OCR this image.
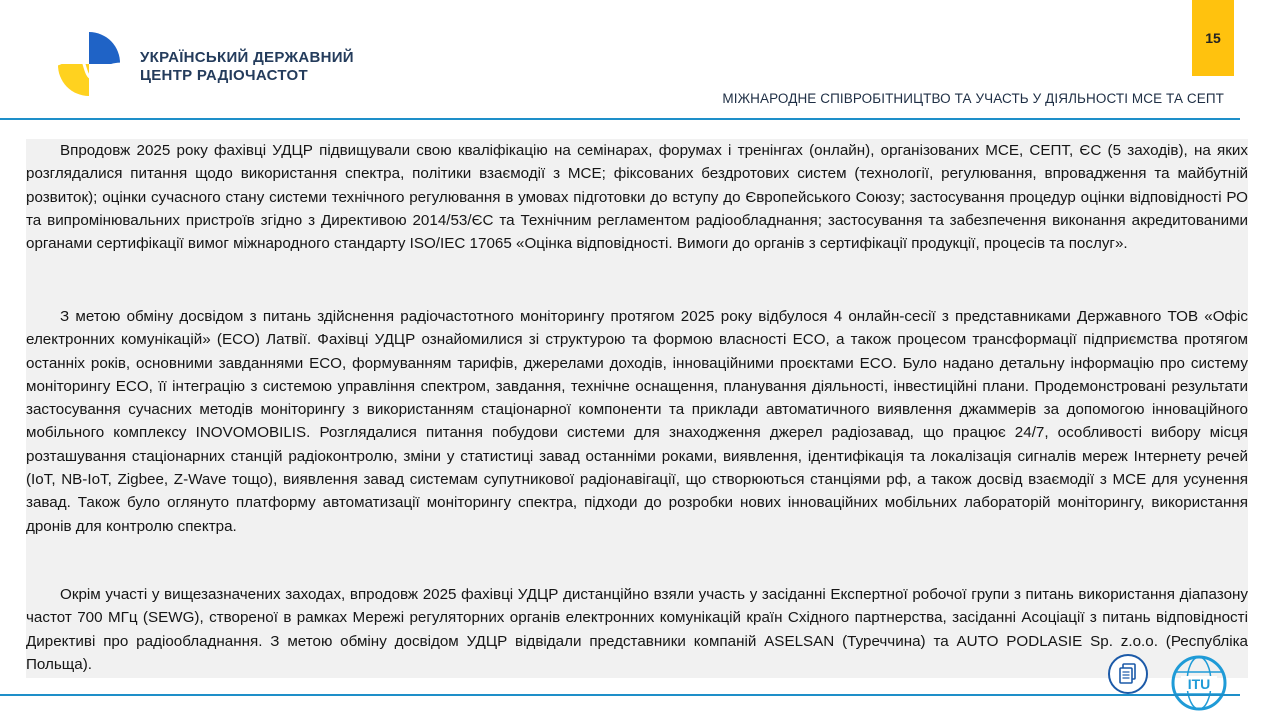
УКРАЇНСЬКИЙ ДЕРЖАВНИЙ
ЦЕНТР РАДІОЧАСТОТ
15
МІЖНАРОДНЕ СПІВРОБІТНИЦТВО ТА УЧАСТЬ У ДІЯЛЬНОСТІ МСЕ ТА СЕПТ

Впродовж 2025 року фахівці УДЦР підвищували свою кваліфікацію на семінарах, форумах і тренінгах (онлайн), організованих МСЕ, СЕПТ, ЄС (5 заходів), на яких розглядалися питання щодо використання спектра, політики взаємодії з МСЕ; фіксованих бездротових систем (технології, регулювання, впровадження та майбутній розвиток); оцінки сучасного стану системи технічного регулювання в умовах підготовки до вступу до Європейського Союзу; застосування процедур оцінки відповідності РО та випромінювальних пристроїв згідно з Директивою 2014/53/ЄС та Технічним регламентом радіообладнання; застосування та забезпечення виконання акредитованими органами сертифікації вимог міжнародного стандарту ISO/IEC 17065 «Оцінка відповідності. Вимоги до органів з сертифікації продукції, процесів та послуг».

З метою обміну досвідом з питань здійснення радіочастотного моніторингу протягом 2025 року відбулося 4 онлайн-сесії з представниками Державного ТОВ «Офіс електронних комунікацій» (ECO) Латвії. Фахівці УДЦР ознайомилися зі структурою та формою власності ECO, а також процесом трансформації підприємства протягом останніх років, основними завданнями ECO, формуванням тарифів, джерелами доходів, інноваційними проєктами ECO. Було надано детальну інформацію про систему моніторингу ECO, її інтеграцію з системою управління спектром, завдання, технічне оснащення, планування діяльності, інвестиційні плани. Продемонстровані результати застосування сучасних методів моніторингу з використанням стаціонарної компоненти та приклади автоматичного виявлення джаммерів за допомогою інноваційного мобільного комплексу INOVOMOBILIS. Розглядалися питання побудови системи для знаходження джерел радіозавад, що працює 24/7, особливості вибору місця розташування стаціонарних станцій радіоконтролю, зміни у статистиці завад останніми роками, виявлення, ідентифікація та локалізація сигналів мереж Інтернету речей (IoT, NB-IoT, Zigbee, Z-Wave тощо), виявлення завад системам супутникової радіонавігації, що створюються станціями рф, а також досвід взаємодії з МСЕ для усунення завад. Також було оглянуто платформу автоматизації моніторингу спектра, підходи до розробки нових інноваційних мобільних лабораторій моніторингу, використання дронів для контролю спектра.

Окрім участі у вищезазначених заходах, впродовж 2025 фахівці УДЦР дистанційно взяли участь у засіданні Експертної робочої групи з питань використання діапазону частот 700 МГц (SEWG), створеної в рамках Мережі регуляторних органів електронних комунікацій країн Східного партнерства, засіданні Асоціації з питань відповідності Директиві про радіообладнання. З метою обміну досвідом УДЦР відвідали представники компаній ASELSAN (Туреччина) та AUTO PODLASIE Sp. z.o.o. (Республіка Польща).

ITU
